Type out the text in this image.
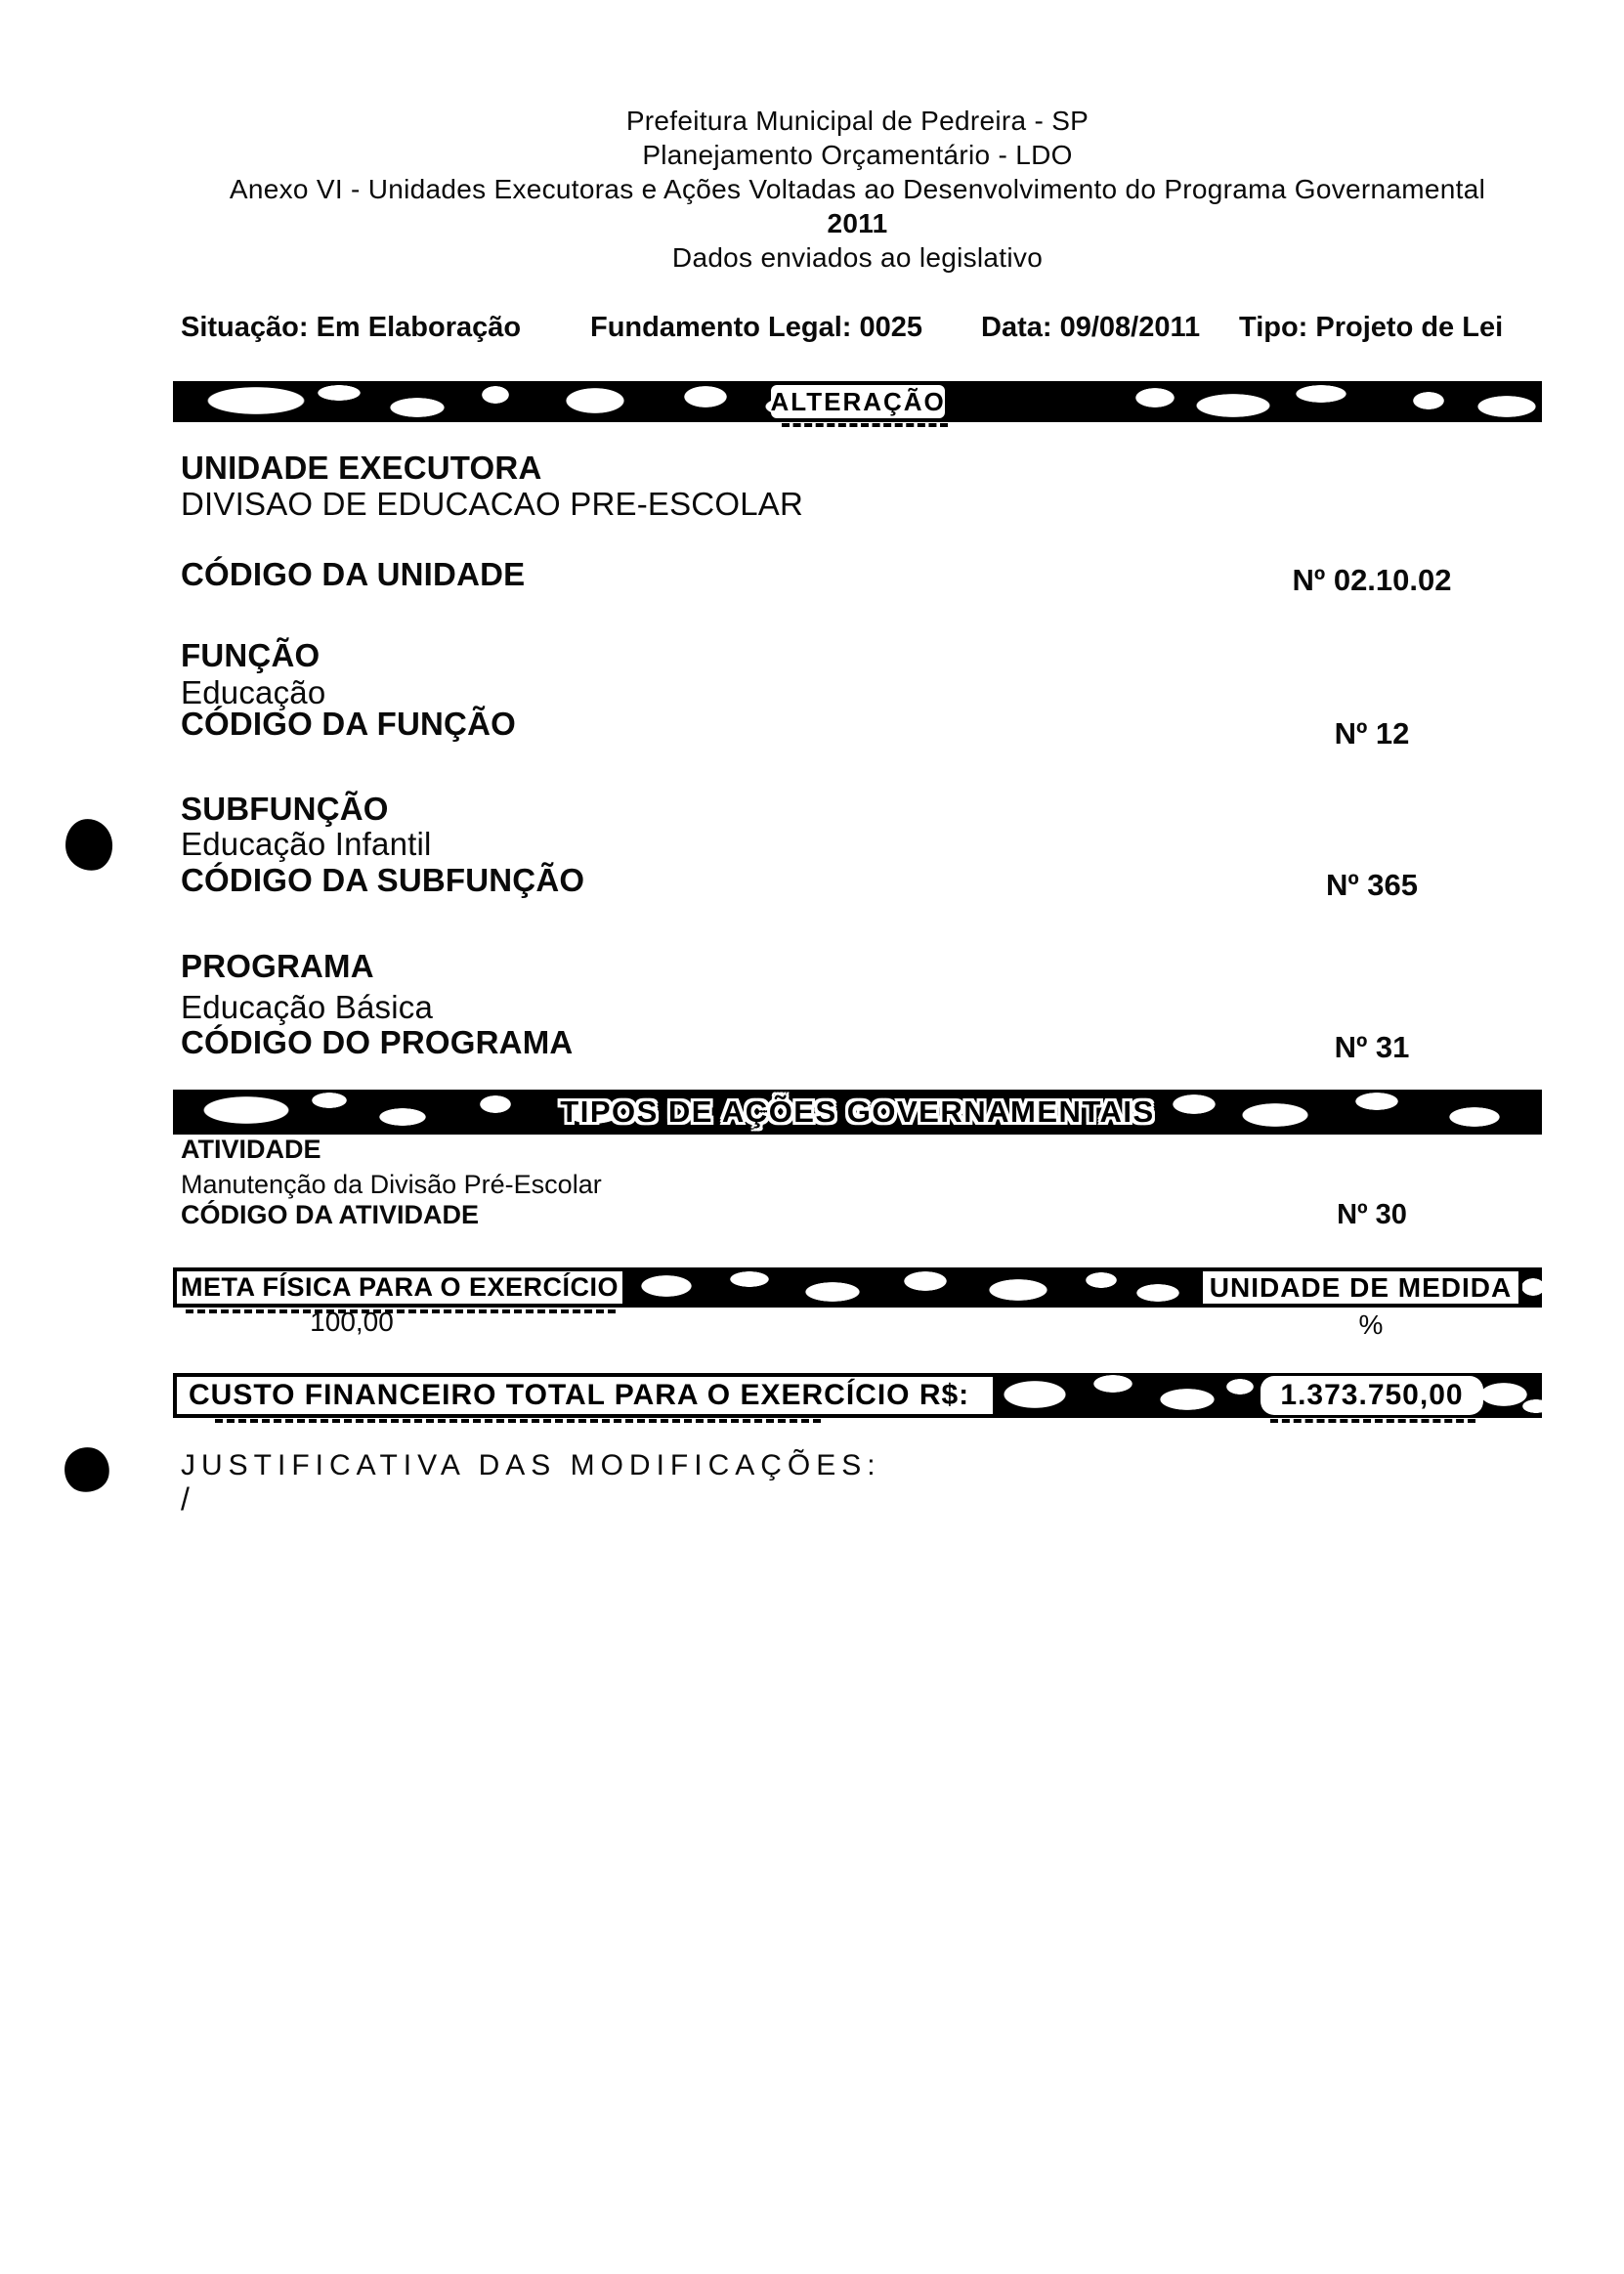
Prefeitura Municipal de Pedreira - SP
Planejamento Orçamentário - LDO
Anexo VI - Unidades Executoras e Ações Voltadas ao Desenvolvimento do Programa Governamental
2011
Dados enviados ao legislativo
Situação: Em Elaboração Fundamento Legal: 0025 Data: 09/08/2011 Tipo: Projeto de Lei
ALTERAÇÃO
UNIDADE EXECUTORA
DIVISAO DE EDUCACAO PRE-ESCOLAR
CÓDIGO DA UNIDADE	Nº 02.10.02
FUNÇÃO
Educação
CÓDIGO DA FUNÇÃO	Nº 12
SUBFUNÇÃO
Educação Infantil
CÓDIGO DA SUBFUNÇÃO	Nº 365
PROGRAMA
Educação Básica
CÓDIGO DO PROGRAMA	Nº 31
TIPOS DE AÇÕES GOVERNAMENTAIS
ATIVIDADE
Manutenção da Divisão Pré-Escolar
CÓDIGO DA ATIVIDADE	Nº 30
META FÍSICA PARA O EXERCÍCIO	UNIDADE DE MEDIDA
100,00	%
CUSTO FINANCEIRO TOTAL PARA O EXERCÍCIO R$:	1.373.750,00
JUSTIFICATIVA DAS MODIFICAÇÕES:
/
